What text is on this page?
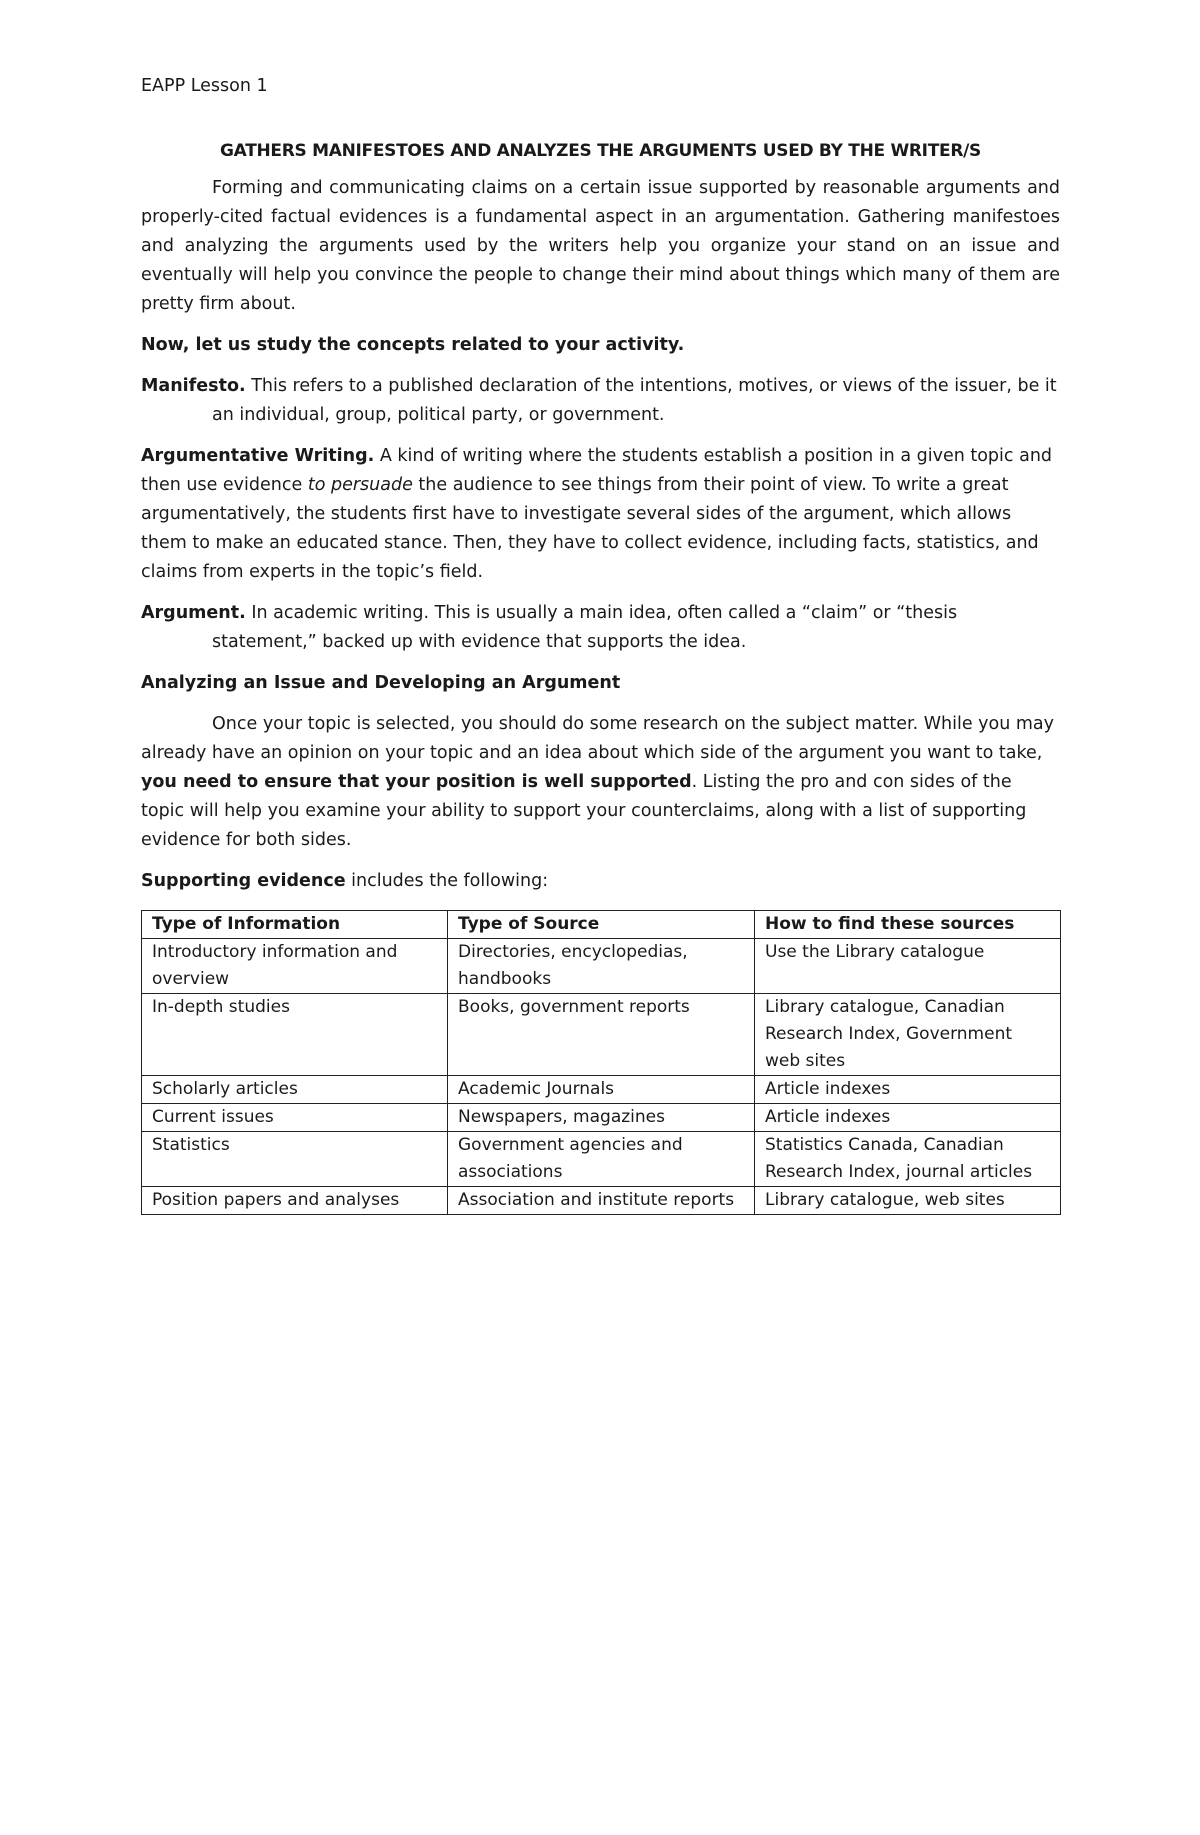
EAPP Lesson 1
GATHERS MANIFESTOES AND ANALYZES THE ARGUMENTS USED BY THE WRITER/S

Forming and communicating claims on a certain issue supported by reasonable arguments and properly-cited factual evidences is a fundamental aspect in an argumentation. Gathering manifestoes and analyzing the arguments used by the writers help you organize your stand on an issue and eventually will help you convince the people to change their mind about things which many of them are pretty firm about.

Now, let us study the concepts related to your activity.

Manifesto. This refers to a published declaration of the intentions, motives, or views of the issuer, be it an individual, group, political party, or government.

Argumentative Writing. A kind of writing where the students establish a position in a given topic and then use evidence to persuade the audience to see things from their point of view. To write a great argumentatively, the students first have to investigate several sides of the argument, which allows them to make an educated stance. Then, they have to collect evidence, including facts, statistics, and claims from experts in the topic’s field.

Argument. In academic writing. This is usually a main idea, often called a “claim” or “thesis statement,” backed up with evidence that supports the idea.

Analyzing an Issue and Developing an Argument

Once your topic is selected, you should do some research on the subject matter. While you may already have an opinion on your topic and an idea about which side of the argument you want to take, you need to ensure that your position is well supported. Listing the pro and con sides of the topic will help you examine your ability to support your counterclaims, along with a list of supporting evidence for both sides.

Supporting evidence includes the following:

Type of Information	Type of Source	How to find these sources
Introductory information and overview	Directories, encyclopedias, handbooks	Use the Library catalogue
In-depth studies	Books, government reports	Library catalogue, Canadian Research Index, Government web sites
Scholarly articles	Academic Journals	Article indexes
Current issues	Newspapers, magazines	Article indexes
Statistics	Government agencies and associations	Statistics Canada, Canadian Research Index, journal articles
Position papers and analyses	Association and institute reports	Library catalogue, web sites
